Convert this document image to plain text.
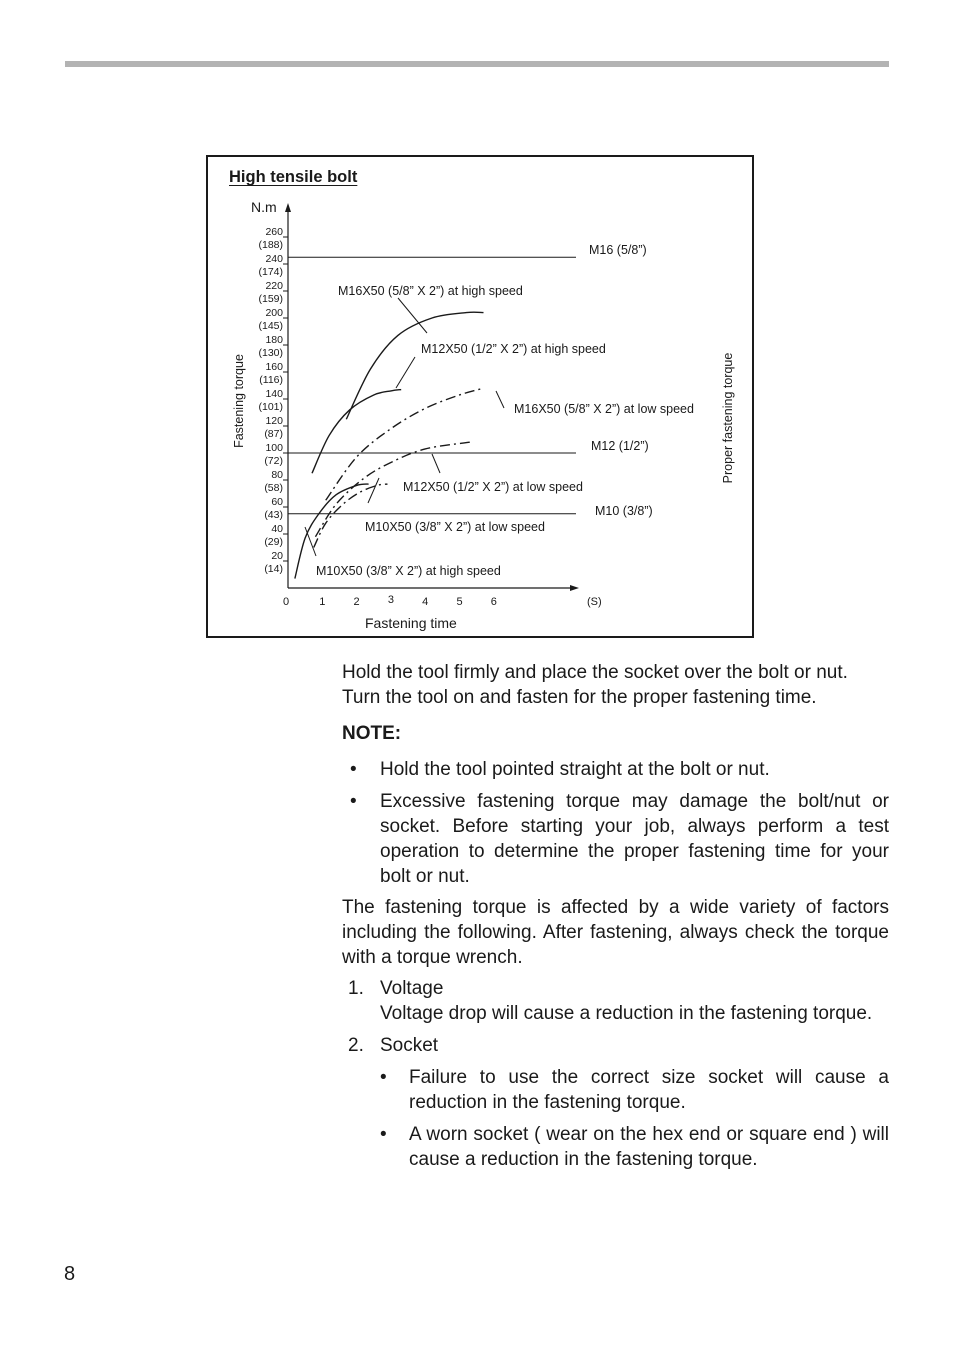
N.m
Fastening torque	Proper fastening torque
Fastening time
(S)
260
(188)
240
(174)
220
(159)
200
(145)
180
(130)
160
(116)
140
(101)
120
(87)
100
(72)
80
(58)
60
(43)
40
(29)
20
(14)
0	1	2	3	4	5	6
M16 (5/8”)
M12 (1/2”)
M10 (3/8”)
M16X50 (5/8” X 2”) at high speed
M12X50 (1/2” X 2”) at high speed
M16X50 (5/8” X 2”) at low speed
M12X50 (1/2” X 2”) at low speed
M10X50 (3/8” X 2”) at low speed
M10X50 (3/8” X 2”) at high speed

High tensile bolt

Hold the tool firmly and place the socket over the bolt or nut. Turn the tool on and fasten for the proper fastening time.

NOTE:

•	Hold the tool pointed straight at the bolt or nut.
•	Excessive fastening torque may damage the bolt/nut or socket. Before starting your job, always perform a test operation to determine the proper fastening time for your bolt or nut.

The fastening torque is affected by a wide variety of factors including the following. After fastening, always check the torque with a torque wrench.

1. Voltage

Voltage drop will cause a reduction in the fastening torque.
2. Socket
•	Failure to use the correct size socket will cause a reduction in the fastening torque.
•	A worn socket ( wear on the hex end or square end ) will cause a reduction in the fastening torque.
8
